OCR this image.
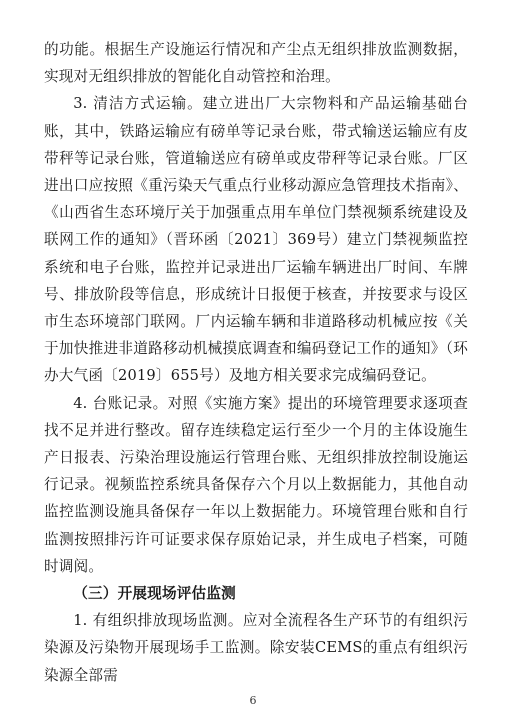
的功能。根据生产设施运行情况和产尘点无组织排放监测数据，实现对无组织排放的智能化自动管控和治理。

3. 清洁方式运输。建立进出厂大宗物料和产品运输基础台账，其中，铁路运输应有磅单等记录台账，带式输送运输应有皮带秤等记录台账，管道输送应有磅单或皮带秤等记录台账。厂区进出口应按照《重污染天气重点行业移动源应急管理技术指南》、《山西省生态环境厅关于加强重点用车单位门禁视频系统建设及联网工作的通知》（晋环函〔2021〕369号）建立门禁视频监控系统和电子台账，监控并记录进出厂运输车辆进出厂时间、车牌号、排放阶段等信息，形成统计日报便于核查，并按要求与设区市生态环境部门联网。厂内运输车辆和非道路移动机械应按《关于加快推进非道路移动机械摸底调查和编码登记工作的通知》（环办大气函〔2019〕655号）及地方相关要求完成编码登记。

4. 台账记录。对照《实施方案》提出的环境管理要求逐项查找不足并进行整改。留存连续稳定运行至少一个月的主体设施生产日报表、污染治理设施运行管理台账、无组织排放控制设施运行记录。视频监控系统具备保存六个月以上数据能力，其他自动监控监测设施具备保存一年以上数据能力。环境管理台账和自行监测按照排污许可证要求保存原始记录，并生成电子档案，可随时调阅。

（三）开展现场评估监测

1. 有组织排放现场监测。应对全流程各生产环节的有组织污染源及污染物开展现场手工监测。除安装CEMS的重点有组织污染源全部需

6
